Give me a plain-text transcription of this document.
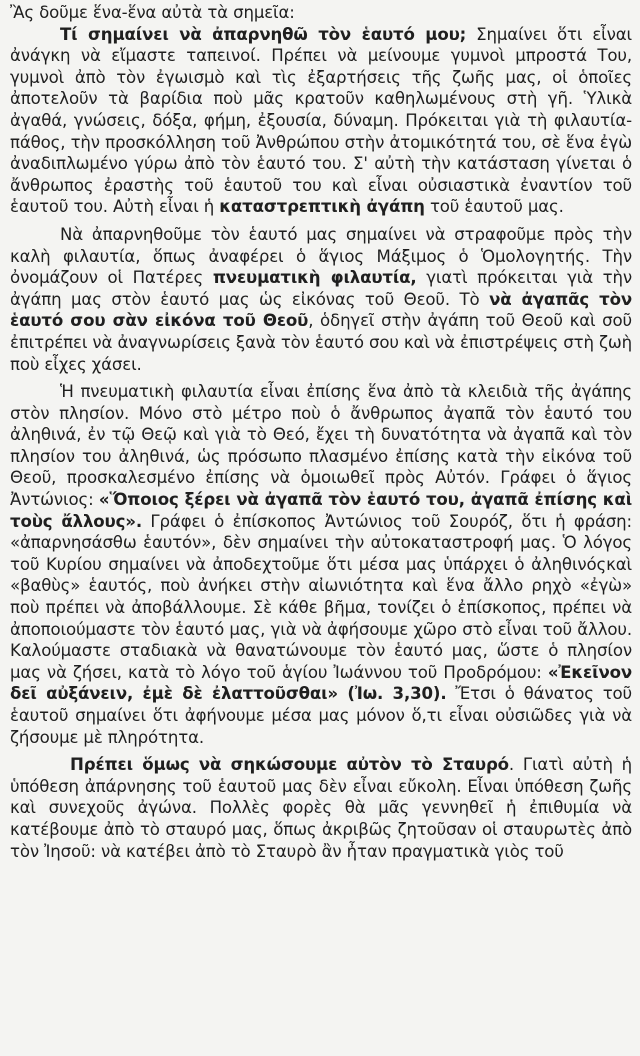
Ἂς δοῦμε ἕνα-ἕνα αὐτὰ τὰ σημεῖα:

Τί σημαίνει νὰ ἀπαρνηθῶ τὸν ἑαυτό μου; Σημαίνει ὅτι εἶναι ἀνάγκη νὰ εἴμαστε ταπεινοί. Πρέπει νὰ μείνουμε γυμνοὶ μπροστά Του, γυμνοὶ ἀπὸ τὸν ἐγωισμὸ καὶ τὶς ἐξαρτήσεις τῆς ζωῆς μας, οἱ ὁποῖες ἀποτελοῦν τὰ βαρίδια ποὺ μᾶς κρατοῦν καθηλωμένους στὴ γῆ. Ὑλικὰ ἀγαθά, γνώσεις, δόξα, φήμη, ἐξουσία, δύναμη. Πρόκειται γιὰ τὴ φιλαυτία-πάθος, τὴν προσκόλληση τοῦ Ἀνθρώπου στὴν ἀτομικότητά του, σὲ ἕνα ἐγὼ ἀναδιπλωμένο γύρω ἀπὸ τὸν ἑαυτό του. Σ' αὐτὴ τὴν κατάσταση γίνεται ὁ ἄνθρωπος ἐραστὴς τοῦ ἑαυτοῦ του καὶ εἶναι οὐσιαστικὰ ἐναντίον τοῦ ἑαυτοῦ του. Αὐτὴ εἶναι ἡ καταστρεπτικὴ ἀγάπη τοῦ ἑαυτοῦ μας.

Νὰ ἀπαρνηθοῦμε τὸν ἑαυτό μας σημαίνει νὰ στραφοῦμε πρὸς τὴν καλὴ φιλαυτία, ὅπως ἀναφέρει ὁ ἅγιος Μάξιμος ὁ Ὁμολογητής. Τὴν ὀνομάζουν οἱ Πατέρες πνευματικὴ φιλαυτία, γιατὶ πρόκειται γιὰ τὴν ἀγάπη μας στὸν ἑαυτό μας ὡς εἰκόνας τοῦ Θεοῦ. Τὸ νὰ ἀγαπᾶς τὸν ἑαυτό σου σὰν εἰκόνα τοῦ Θεοῦ, ὁδηγεῖ στὴν ἀγάπη τοῦ Θεοῦ καὶ σοῦ ἐπιτρέπει νὰ ἀναγνωρίσεις ξανὰ τὸν ἑαυτό σου καὶ νὰ ἐπιστρέψεις στὴ ζωὴ ποὺ εἶχες χάσει.

Ἡ πνευματικὴ φιλαυτία εἶναι ἐπίσης ἕνα ἀπὸ τὰ κλειδιὰ τῆς ἀγάπης στὸν πλησίον. Μόνο στὸ μέτρο ποὺ ὁ ἄνθρωπος ἀγαπᾶ τὸν ἑαυτό του ἀληθινά, ἐν τῷ Θεῷ καὶ γιὰ τὸ Θεό, ἔχει τὴ δυνατότητα νὰ ἀγαπᾶ καὶ τὸν πλησίον του ἀληθινά, ὡς πρόσωπο πλασμένο ἐπίσης κατὰ τὴν εἰκόνα τοῦ Θεοῦ, προσκαλεσμένο ἐπίσης νὰ ὁμοιωθεῖ πρὸς Αὐτόν. Γράφει ὁ ἅγιος Ἀντώνιος: «Ὅποιος ξέρει νὰ ἀγαπᾶ τὸν ἑαυτό του, ἀγαπᾶ ἐπίσης καὶ τοὺς ἄλλους». Γράφει ὁ ἐπίσκοπος Ἀντώνιος τοῦ Σουρόζ, ὅτι ἡ φράση: «ἀπαρνησάσθω ἑαυτόν», δὲν σημαίνει τὴν αὐτοκαταστροφή μας. Ὁ λόγος τοῦ Κυρίου σημαίνει νὰ ἀποδεχτοῦμε ὅτι μέσα μας ὑπάρχει ὁ ἀληθινόςκαὶ «βαθὺς» ἑαυτός, ποὺ ἀνήκει στὴν αἰωνιότητα καὶ ἕνα ἄλλο ρηχὸ «ἐγὼ» ποὺ πρέπει νὰ ἀποβάλλουμε. Σὲ κάθε βῆμα, τονίζει ὁ ἐπίσκοπος, πρέπει νὰ ἀποποιούμαστε τὸν ἑαυτό μας, γιὰ νὰ ἀφήσουμε χῶρο στὸ εἶναι τοῦ ἄλλου. Καλούμαστε σταδιακὰ νὰ θανατώνουμε τὸν ἑαυτό μας, ὥστε ὁ πλησίον μας νὰ ζήσει, κατὰ τὸ λόγο τοῦ ἁγίου Ἰωάννου τοῦ Προδρόμου: «Ἐκεῖνον δεῖ αὐξάνειν, ἐμὲ δὲ ἐλαττοῦσθαι» (Ἰω. 3,30). Ἔτσι ὁ θάνατος τοῦ ἑαυτοῦ σημαίνει ὅτι ἀφήνουμε μέσα μας μόνον ὅ,τι εἶναι οὐσιῶδες γιὰ νὰ ζήσουμε μὲ πληρότητα.

Πρέπει ὅμως νὰ σηκώσουμε αὐτὸν τὸ Σταυρό. Γιατὶ αὐτὴ ἡ ὑπόθεση ἀπάρνησης τοῦ ἑαυτοῦ μας δὲν εἶναι εὔκολη. Εἶναι ὑπόθεση ζωῆς καὶ συνεχοῦς ἀγώνα. Πολλὲς φορὲς θὰ μᾶς γεννηθεῖ ἡ ἐπιθυμία νὰ κατέβουμε ἀπὸ τὸ σταυρό μας, ὅπως ἀκριβῶς ζητοῦσαν οἱ σταυρωτὲς ἀπὸ τὸν Ἰησοῦ: νὰ κατέβει ἀπὸ τὸ Σταυρὸ ἂν ἦταν πραγματικὰ γιὸς τοῦ
